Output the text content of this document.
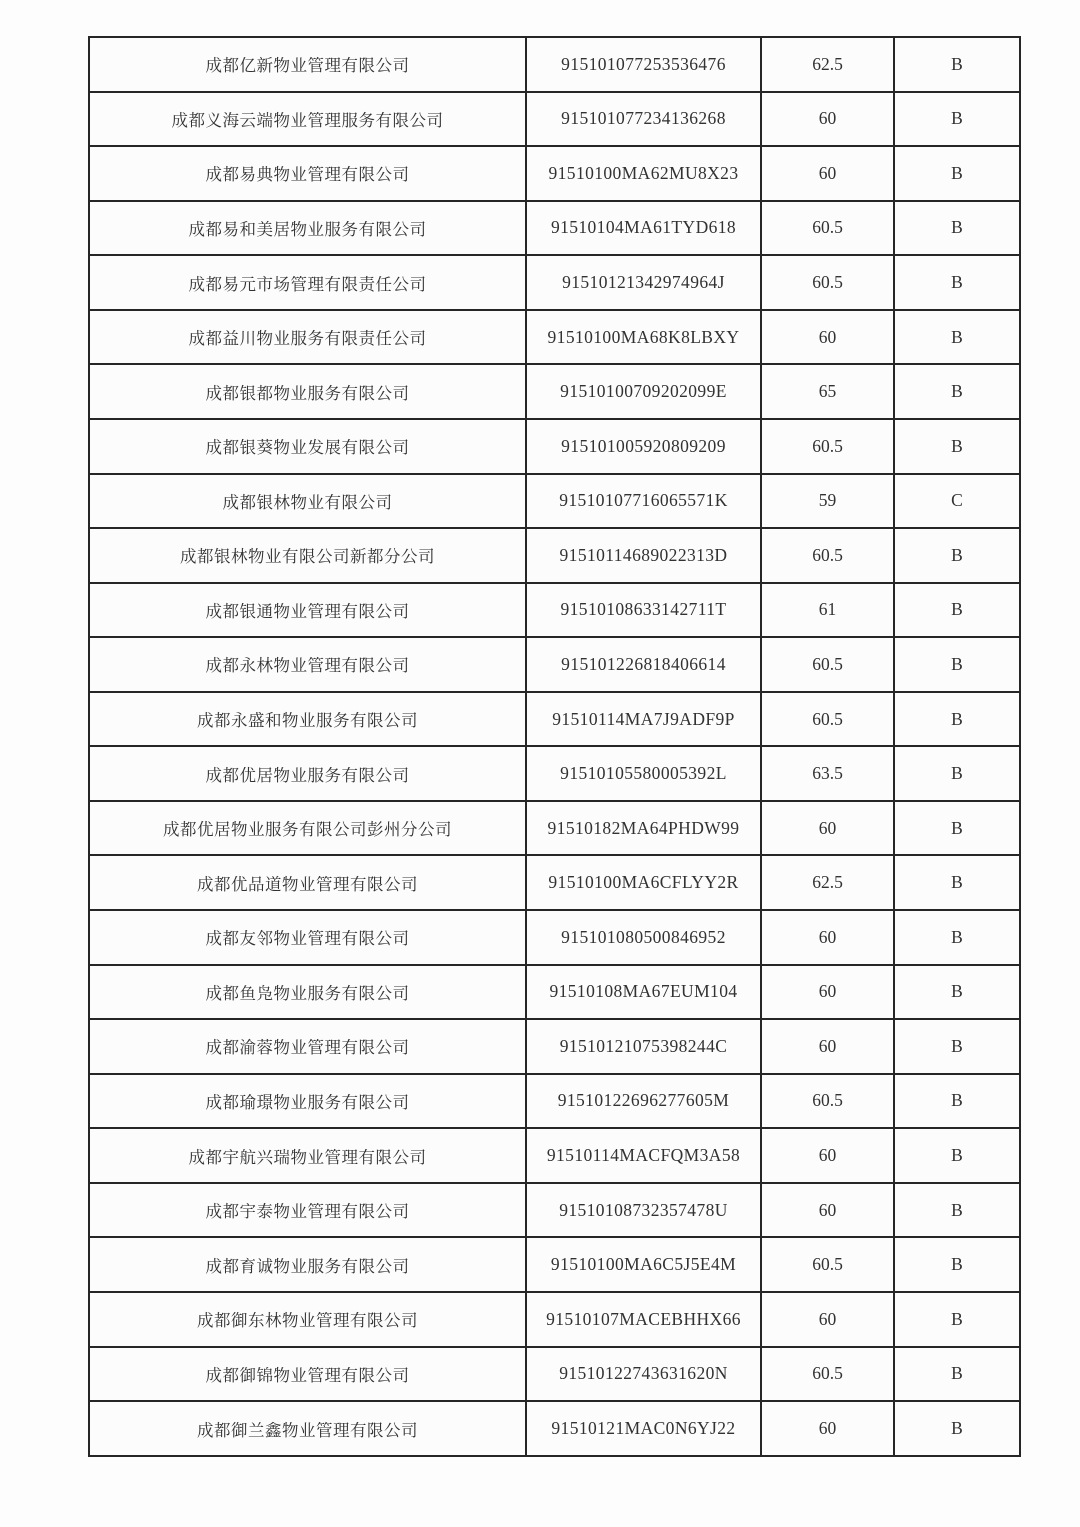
成都亿新物业管理有限公司	915101077253536476	62.5	B
成都义海云端物业管理服务有限公司	915101077234136268	60	B
成都易典物业管理有限公司	91510100MA62MU8X23	60	B
成都易和美居物业服务有限公司	91510104MA61TYD618	60.5	B
成都易元市场管理有限责任公司	91510121342974964J	60.5	B
成都益川物业服务有限责任公司	91510100MA68K8LBXY	60	B
成都银都物业服务有限公司	91510100709202099E	65	B
成都银葵物业发展有限公司	915101005920809209	60.5	B
成都银林物业有限公司	91510107716065571K	59	C
成都银林物业有限公司新都分公司	91510114689022313D	60.5	B
成都银通物业管理有限公司	91510108633142711T	61	B
成都永林物业管理有限公司	915101226818406614	60.5	B
成都永盛和物业服务有限公司	91510114MA7J9ADF9P	60.5	B
成都优居物业服务有限公司	91510105580005392L	63.5	B
成都优居物业服务有限公司彭州分公司	91510182MA64PHDW99	60	B
成都优品道物业管理有限公司	91510100MA6CFLYY2R	62.5	B
成都友邻物业管理有限公司	915101080500846952	60	B
成都鱼凫物业服务有限公司	91510108MA67EUM104	60	B
成都渝蓉物业管理有限公司	91510121075398244C	60	B
成都瑜璟物业服务有限公司	91510122696277605M	60.5	B
成都宇航兴瑞物业管理有限公司	91510114MACFQM3A58	60	B
成都宇泰物业管理有限公司	91510108732357478U	60	B
成都育诚物业服务有限公司	91510100MA6C5J5E4M	60.5	B
成都御东林物业管理有限公司	91510107MACEBHHX66	60	B
成都御锦物业管理有限公司	91510122743631620N	60.5	B
成都御兰鑫物业管理有限公司	91510121MAC0N6YJ22	60	B
